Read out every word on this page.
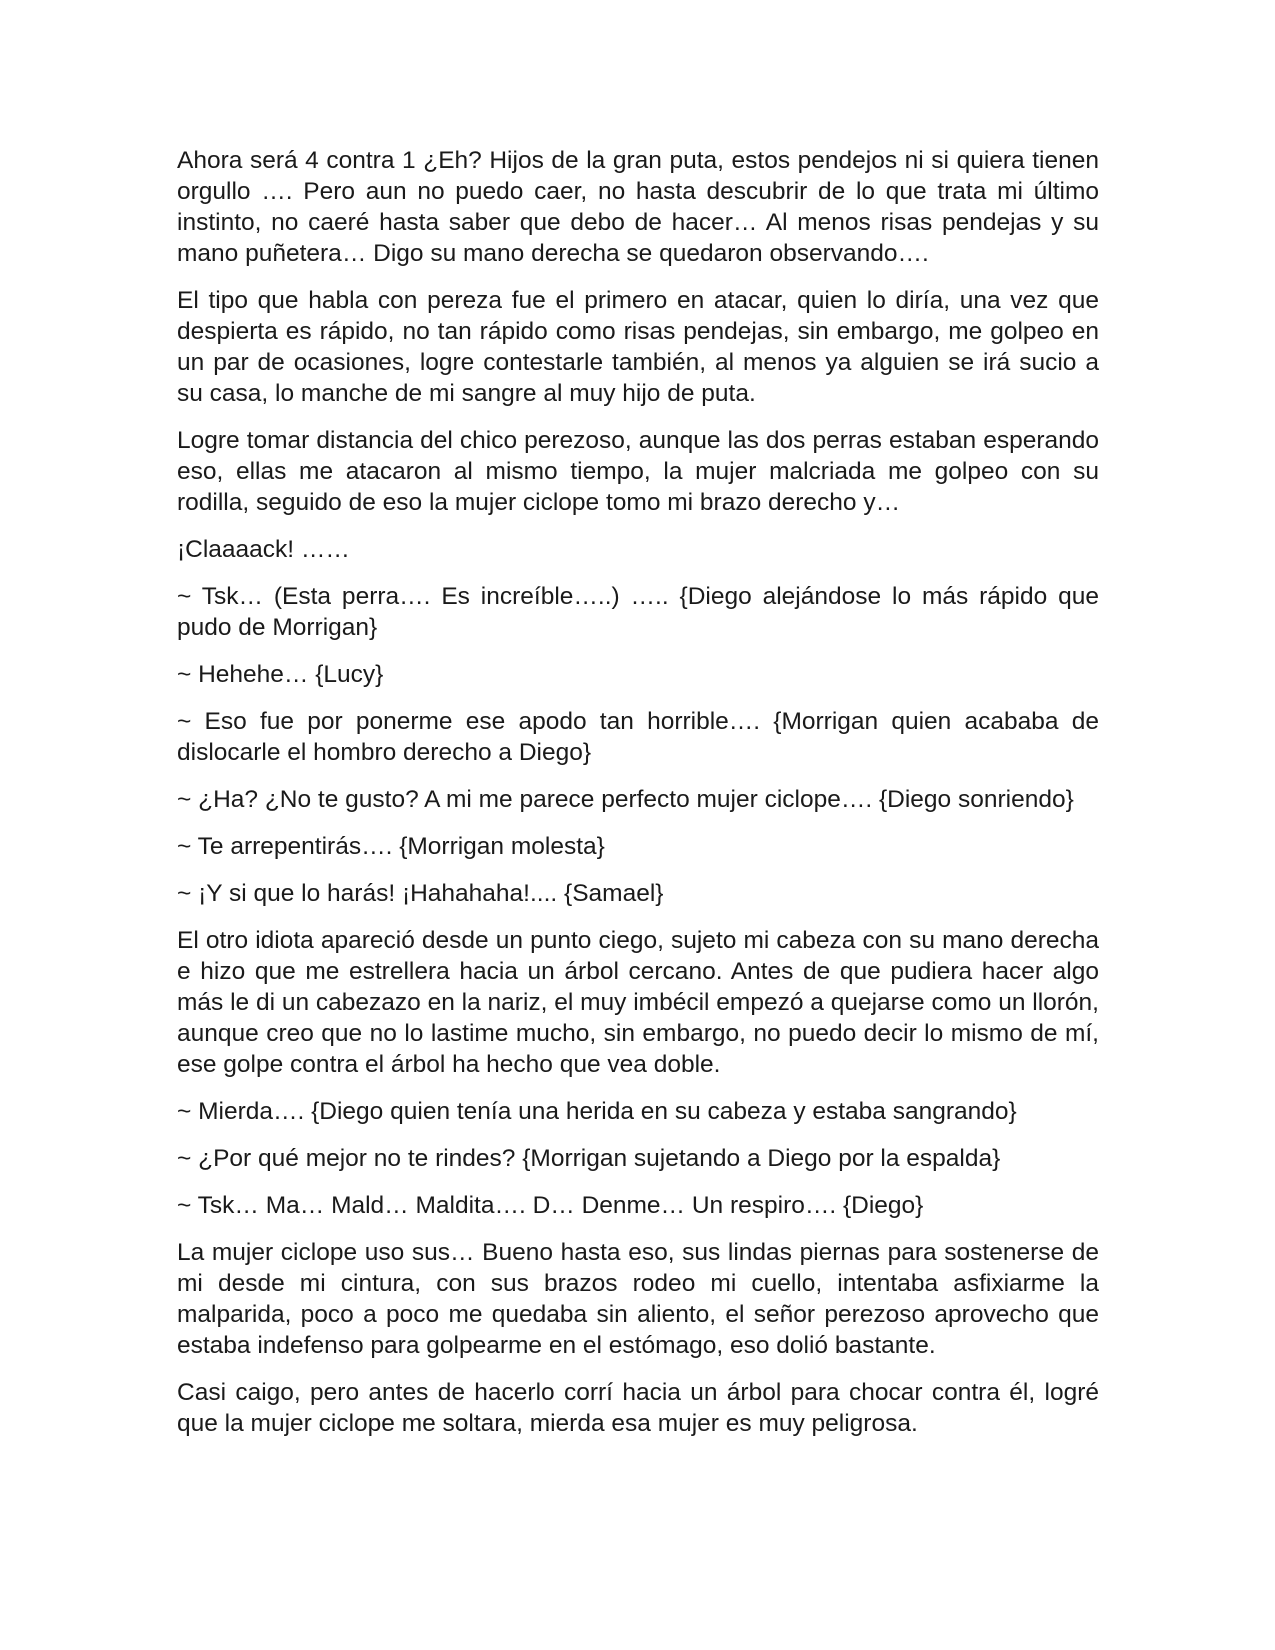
Ahora será 4 contra 1 ¿Eh? Hijos de la gran puta, estos pendejos ni si quiera tienen orgullo …. Pero aun no puedo caer, no hasta descubrir de lo que trata mi último instinto, no caeré hasta saber que debo de hacer… Al menos risas pendejas y su mano puñetera… Digo su mano derecha se quedaron observando….

El tipo que habla con pereza fue el primero en atacar, quien lo diría, una vez que despierta es rápido, no tan rápido como risas pendejas, sin embargo, me golpeo en un par de ocasiones, logre contestarle también, al menos ya alguien se irá sucio a su casa, lo manche de mi sangre al muy hijo de puta.

Logre tomar distancia del chico perezoso, aunque las dos perras estaban esperando eso, ellas me atacaron al mismo tiempo, la mujer malcriada me golpeo con su rodilla, seguido de eso la mujer ciclope tomo mi brazo derecho y…

¡Claaaack! ……

~ Tsk… (Esta perra…. Es increíble…..) ….. {Diego alejándose lo más rápido que pudo de Morrigan}

~ Hehehe… {Lucy}

~ Eso fue por ponerme ese apodo tan horrible…. {Morrigan quien acababa de dislocarle el hombro derecho a Diego}

~ ¿Ha? ¿No te gusto? A mi me parece perfecto mujer ciclope…. {Diego sonriendo}

~ Te arrepentirás…. {Morrigan molesta}

~ ¡Y si que lo harás! ¡Hahahaha!.... {Samael}

El otro idiota apareció desde un punto ciego, sujeto mi cabeza con su mano derecha e hizo que me estrellera hacia un árbol cercano. Antes de que pudiera hacer algo más le di un cabezazo en la nariz, el muy imbécil empezó a quejarse como un llorón, aunque creo que no lo lastime mucho, sin embargo, no puedo decir lo mismo de mí, ese golpe contra el árbol ha hecho que vea doble.

~ Mierda…. {Diego quien tenía una herida en su cabeza y estaba sangrando}

~ ¿Por qué mejor no te rindes? {Morrigan sujetando a Diego por la espalda}

~ Tsk… Ma… Mald… Maldita…. D… Denme… Un respiro…. {Diego}

La mujer ciclope uso sus… Bueno hasta eso, sus lindas piernas para sostenerse de mi desde mi cintura, con sus brazos rodeo mi cuello, intentaba asfixiarme la malparida, poco a poco me quedaba sin aliento, el señor perezoso aprovecho que estaba indefenso para golpearme en el estómago, eso dolió bastante.

Casi caigo, pero antes de hacerlo corrí hacia un árbol para chocar contra él, logré que la mujer ciclope me soltara, mierda esa mujer es muy peligrosa.
